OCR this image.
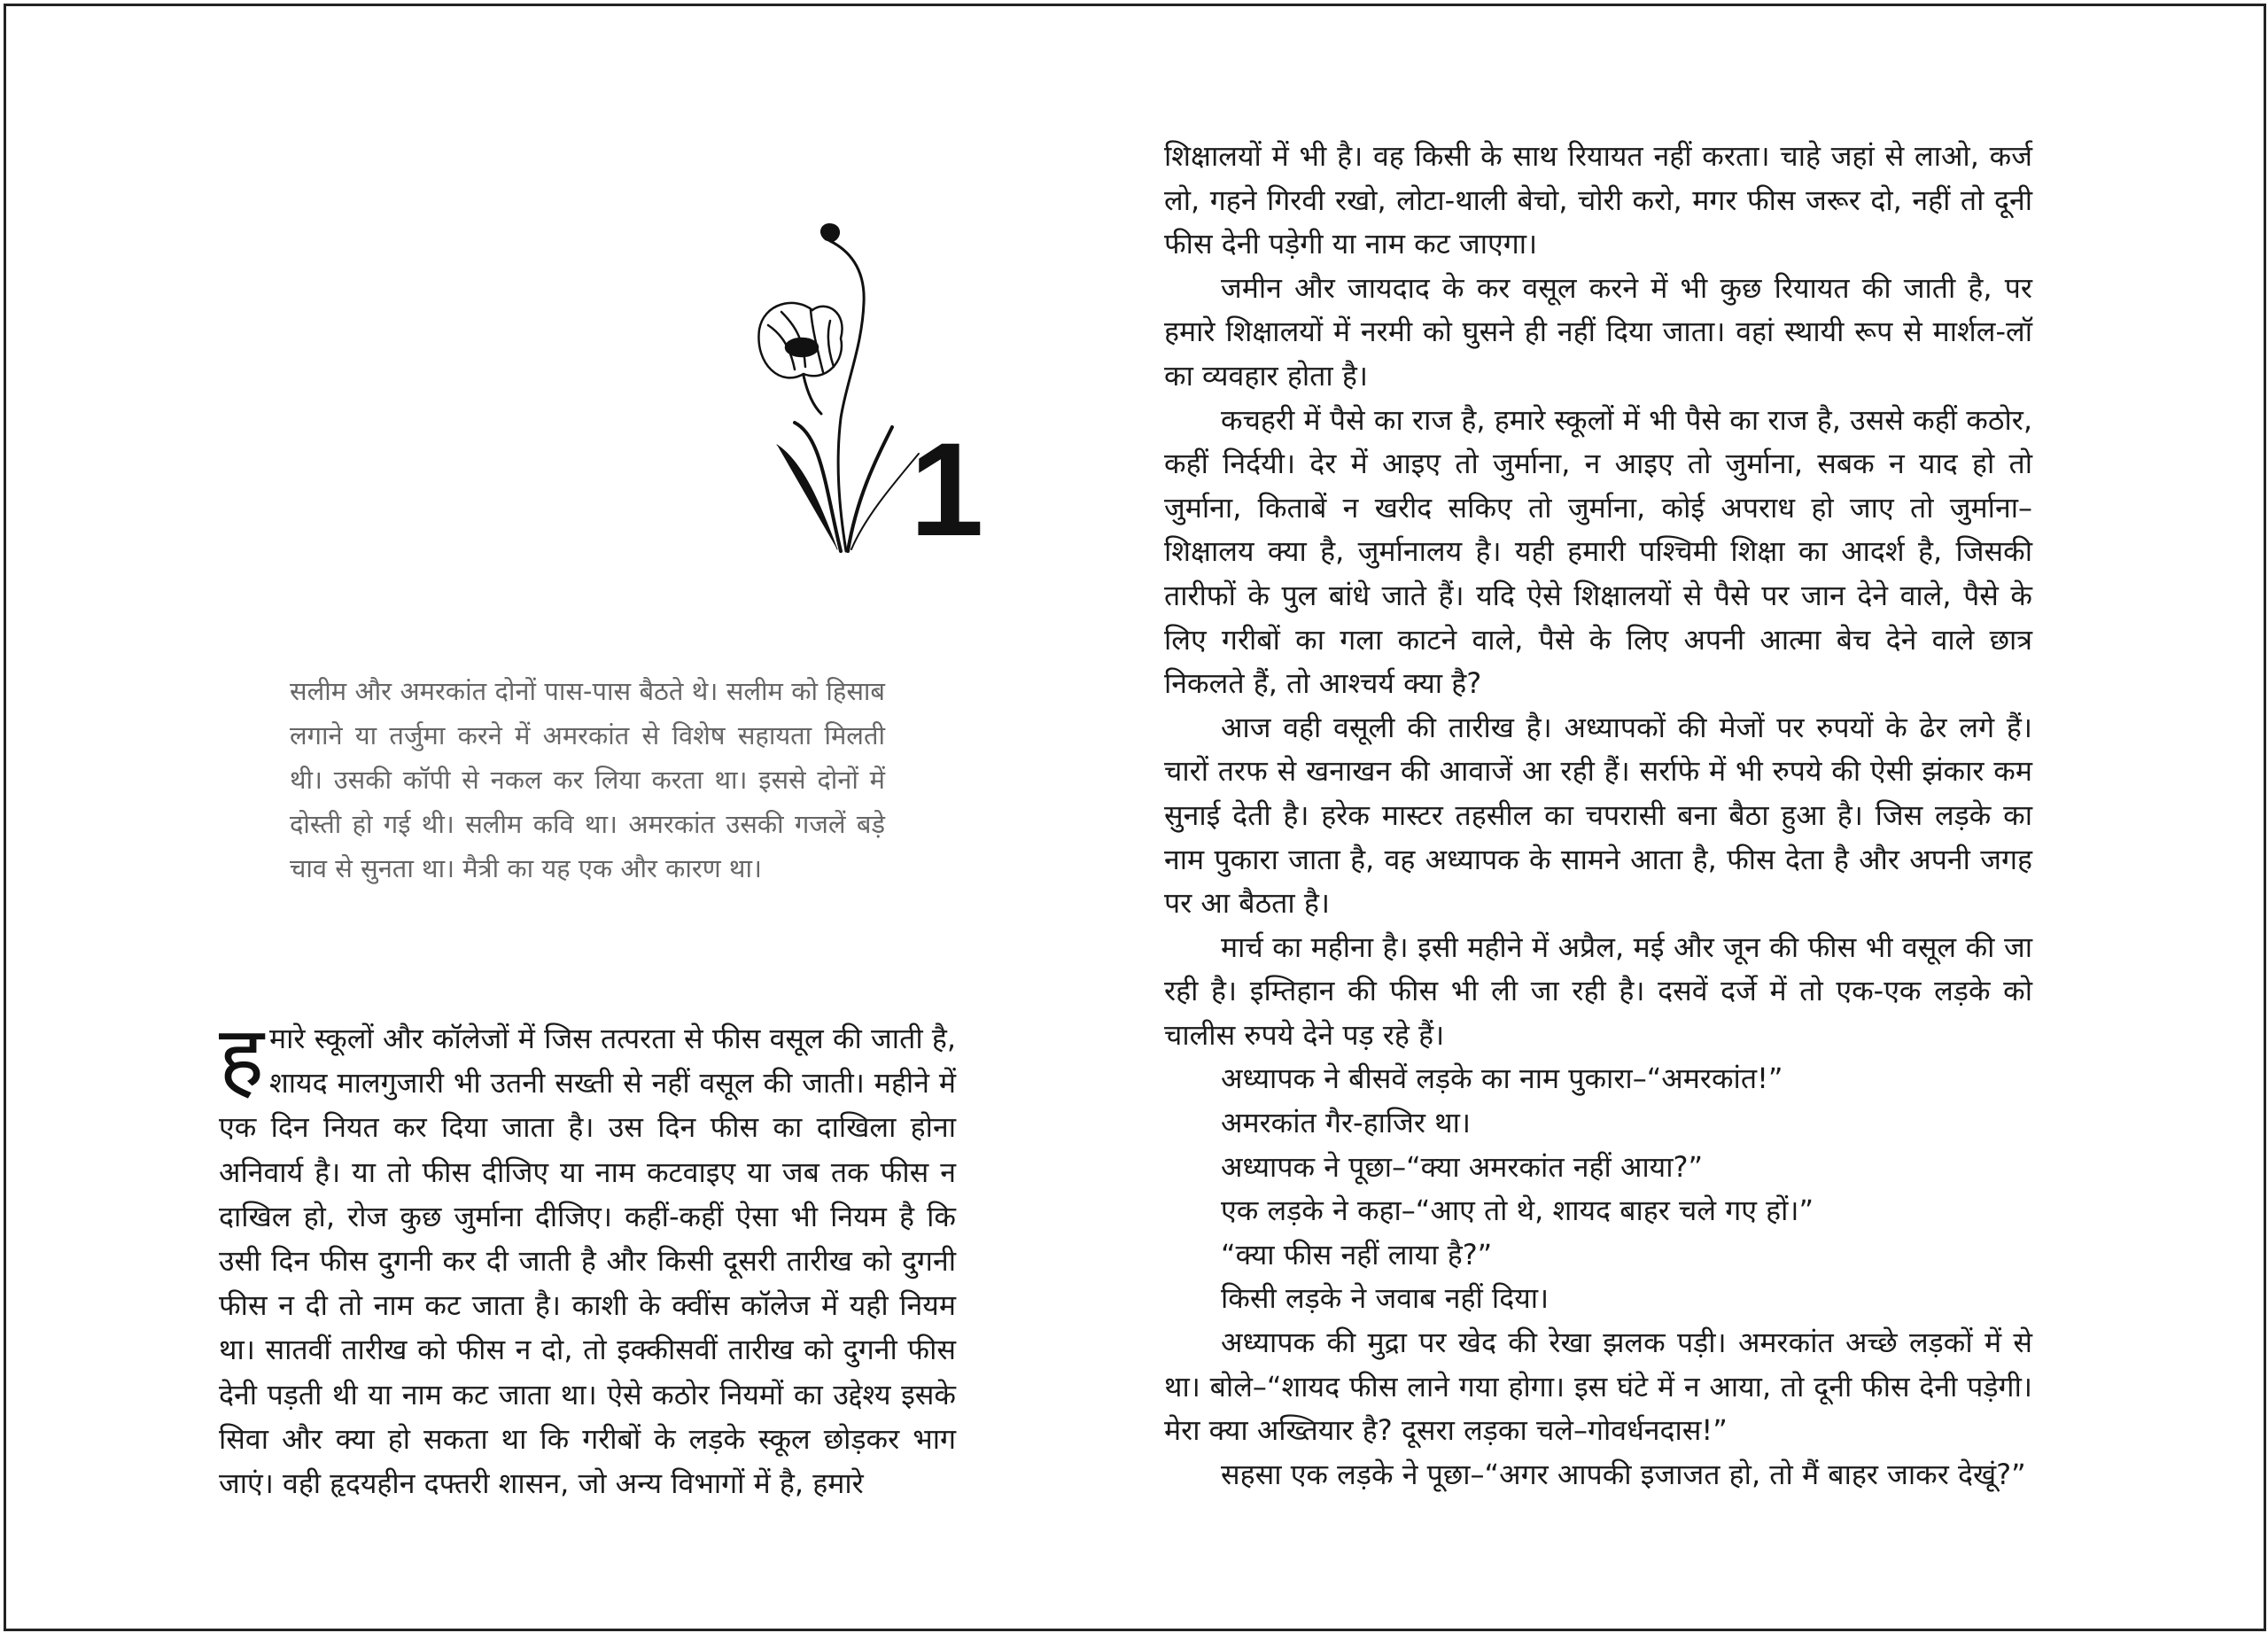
1
सलीम और अमरकांत दोनों पास-पास बैठते थे। सलीम को हिसाब लगाने या तर्जुमा करने में अमरकांत से विशेष सहायता मिलती थी। उसकी कॉपी से नकल कर लिया करता था। इससे दोनों में दोस्ती हो गई थी। सलीम कवि था। अमरकांत उसकी गजलें बड़े चाव से सुनता था। मैत्री का यह एक और कारण था।
हमारे स्कूलों और कॉलेजों में जिस तत्परता से फीस वसूल की जाती है, शायद मालगुजारी भी उतनी सख्ती से नहीं वसूल की जाती। महीने में एक दिन नियत कर दिया जाता है। उस दिन फीस का दाखिला होना अनिवार्य है। या तो फीस दीजिए या नाम कटवाइए या जब तक फीस न दाखिल हो, रोज कुछ जुर्माना दीजिए। कहीं-कहीं ऐसा भी नियम है कि उसी दिन फीस दुगनी कर दी जाती है और किसी दूसरी तारीख को दुगनी फीस न दी तो नाम कट जाता है। काशी के क्वींस कॉलेज में यही नियम था। सातवीं तारीख को फीस न दो, तो इक्कीसवीं तारीख को दुगनी फीस देनी पड़ती थी या नाम कट जाता था। ऐसे कठोर नियमों का उद्देश्य इसके सिवा और क्या हो सकता था कि गरीबों के लड़के स्कूल छोड़कर भाग जाएं। वही हृदयहीन दफ्तरी शासन, जो अन्य विभागों में है, हमारे

शिक्षालयों में भी है। वह किसी के साथ रियायत नहीं करता। चाहे जहां से लाओ, कर्ज लो, गहने गिरवी रखो, लोटा-थाली बेचो, चोरी करो, मगर फीस जरूर दो, नहीं तो दूनी फीस देनी पड़ेगी या नाम कट जाएगा।

जमीन और जायदाद के कर वसूल करने में भी कुछ रियायत की जाती है, पर हमारे शिक्षालयों में नरमी को घुसने ही नहीं दिया जाता। वहां स्थायी रूप से मार्शल-लॉ का व्यवहार होता है।

कचहरी में पैसे का राज है, हमारे स्कूलों में भी पैसे का राज है, उससे कहीं कठोर, कहीं निर्दयी। देर में आइए तो जुर्माना, न आइए तो जुर्माना, सबक न याद हो तो जुर्माना, किताबें न खरीद सकिए तो जुर्माना, कोई अपराध हो जाए तो जुर्माना–शिक्षालय क्या है, जुर्मानालय है। यही हमारी पश्चिमी शिक्षा का आदर्श है, जिसकी तारीफों के पुल बांधे जाते हैं। यदि ऐसे शिक्षालयों से पैसे पर जान देने वाले, पैसे के लिए गरीबों का गला काटने वाले, पैसे के लिए अपनी आत्मा बेच देने वाले छात्र निकलते हैं, तो आश्चर्य क्या है?

आज वही वसूली की तारीख है। अध्यापकों की मेजों पर रुपयों के ढेर लगे हैं। चारों तरफ से खनाखन की आवाजें आ रही हैं। सर्राफे में भी रुपये की ऐसी झंकार कम सुनाई देती है। हरेक मास्टर तहसील का चपरासी बना बैठा हुआ है। जिस लड़के का नाम पुकारा जाता है, वह अध्यापक के सामने आता है, फीस देता है और अपनी जगह पर आ बैठता है।

मार्च का महीना है। इसी महीने में अप्रैल, मई और जून की फीस भी वसूल की जा रही है। इम्तिहान की फीस भी ली जा रही है। दसवें दर्जे में तो एक-एक लड़के को चालीस रुपये देने पड़ रहे हैं।

अध्यापक ने बीसवें लड़के का नाम पुकारा–“अमरकांत!”

अमरकांत गैर-हाजिर था।

अध्यापक ने पूछा–“क्या अमरकांत नहीं आया?”

एक लड़के ने कहा–“आए तो थे, शायद बाहर चले गए हों।”

“क्या फीस नहीं लाया है?”

किसी लड़के ने जवाब नहीं दिया।

अध्यापक की मुद्रा पर खेद की रेखा झलक पड़ी। अमरकांत अच्छे लड़कों में से था। बोले–“शायद फीस लाने गया होगा। इस घंटे में न आया, तो दूनी फीस देनी पड़ेगी। मेरा क्या अख्तियार है? दूसरा लड़का चले–गोवर्धनदास!”

सहसा एक लड़के ने पूछा–“अगर आपकी इजाजत हो, तो मैं बाहर जाकर देखूं?”
